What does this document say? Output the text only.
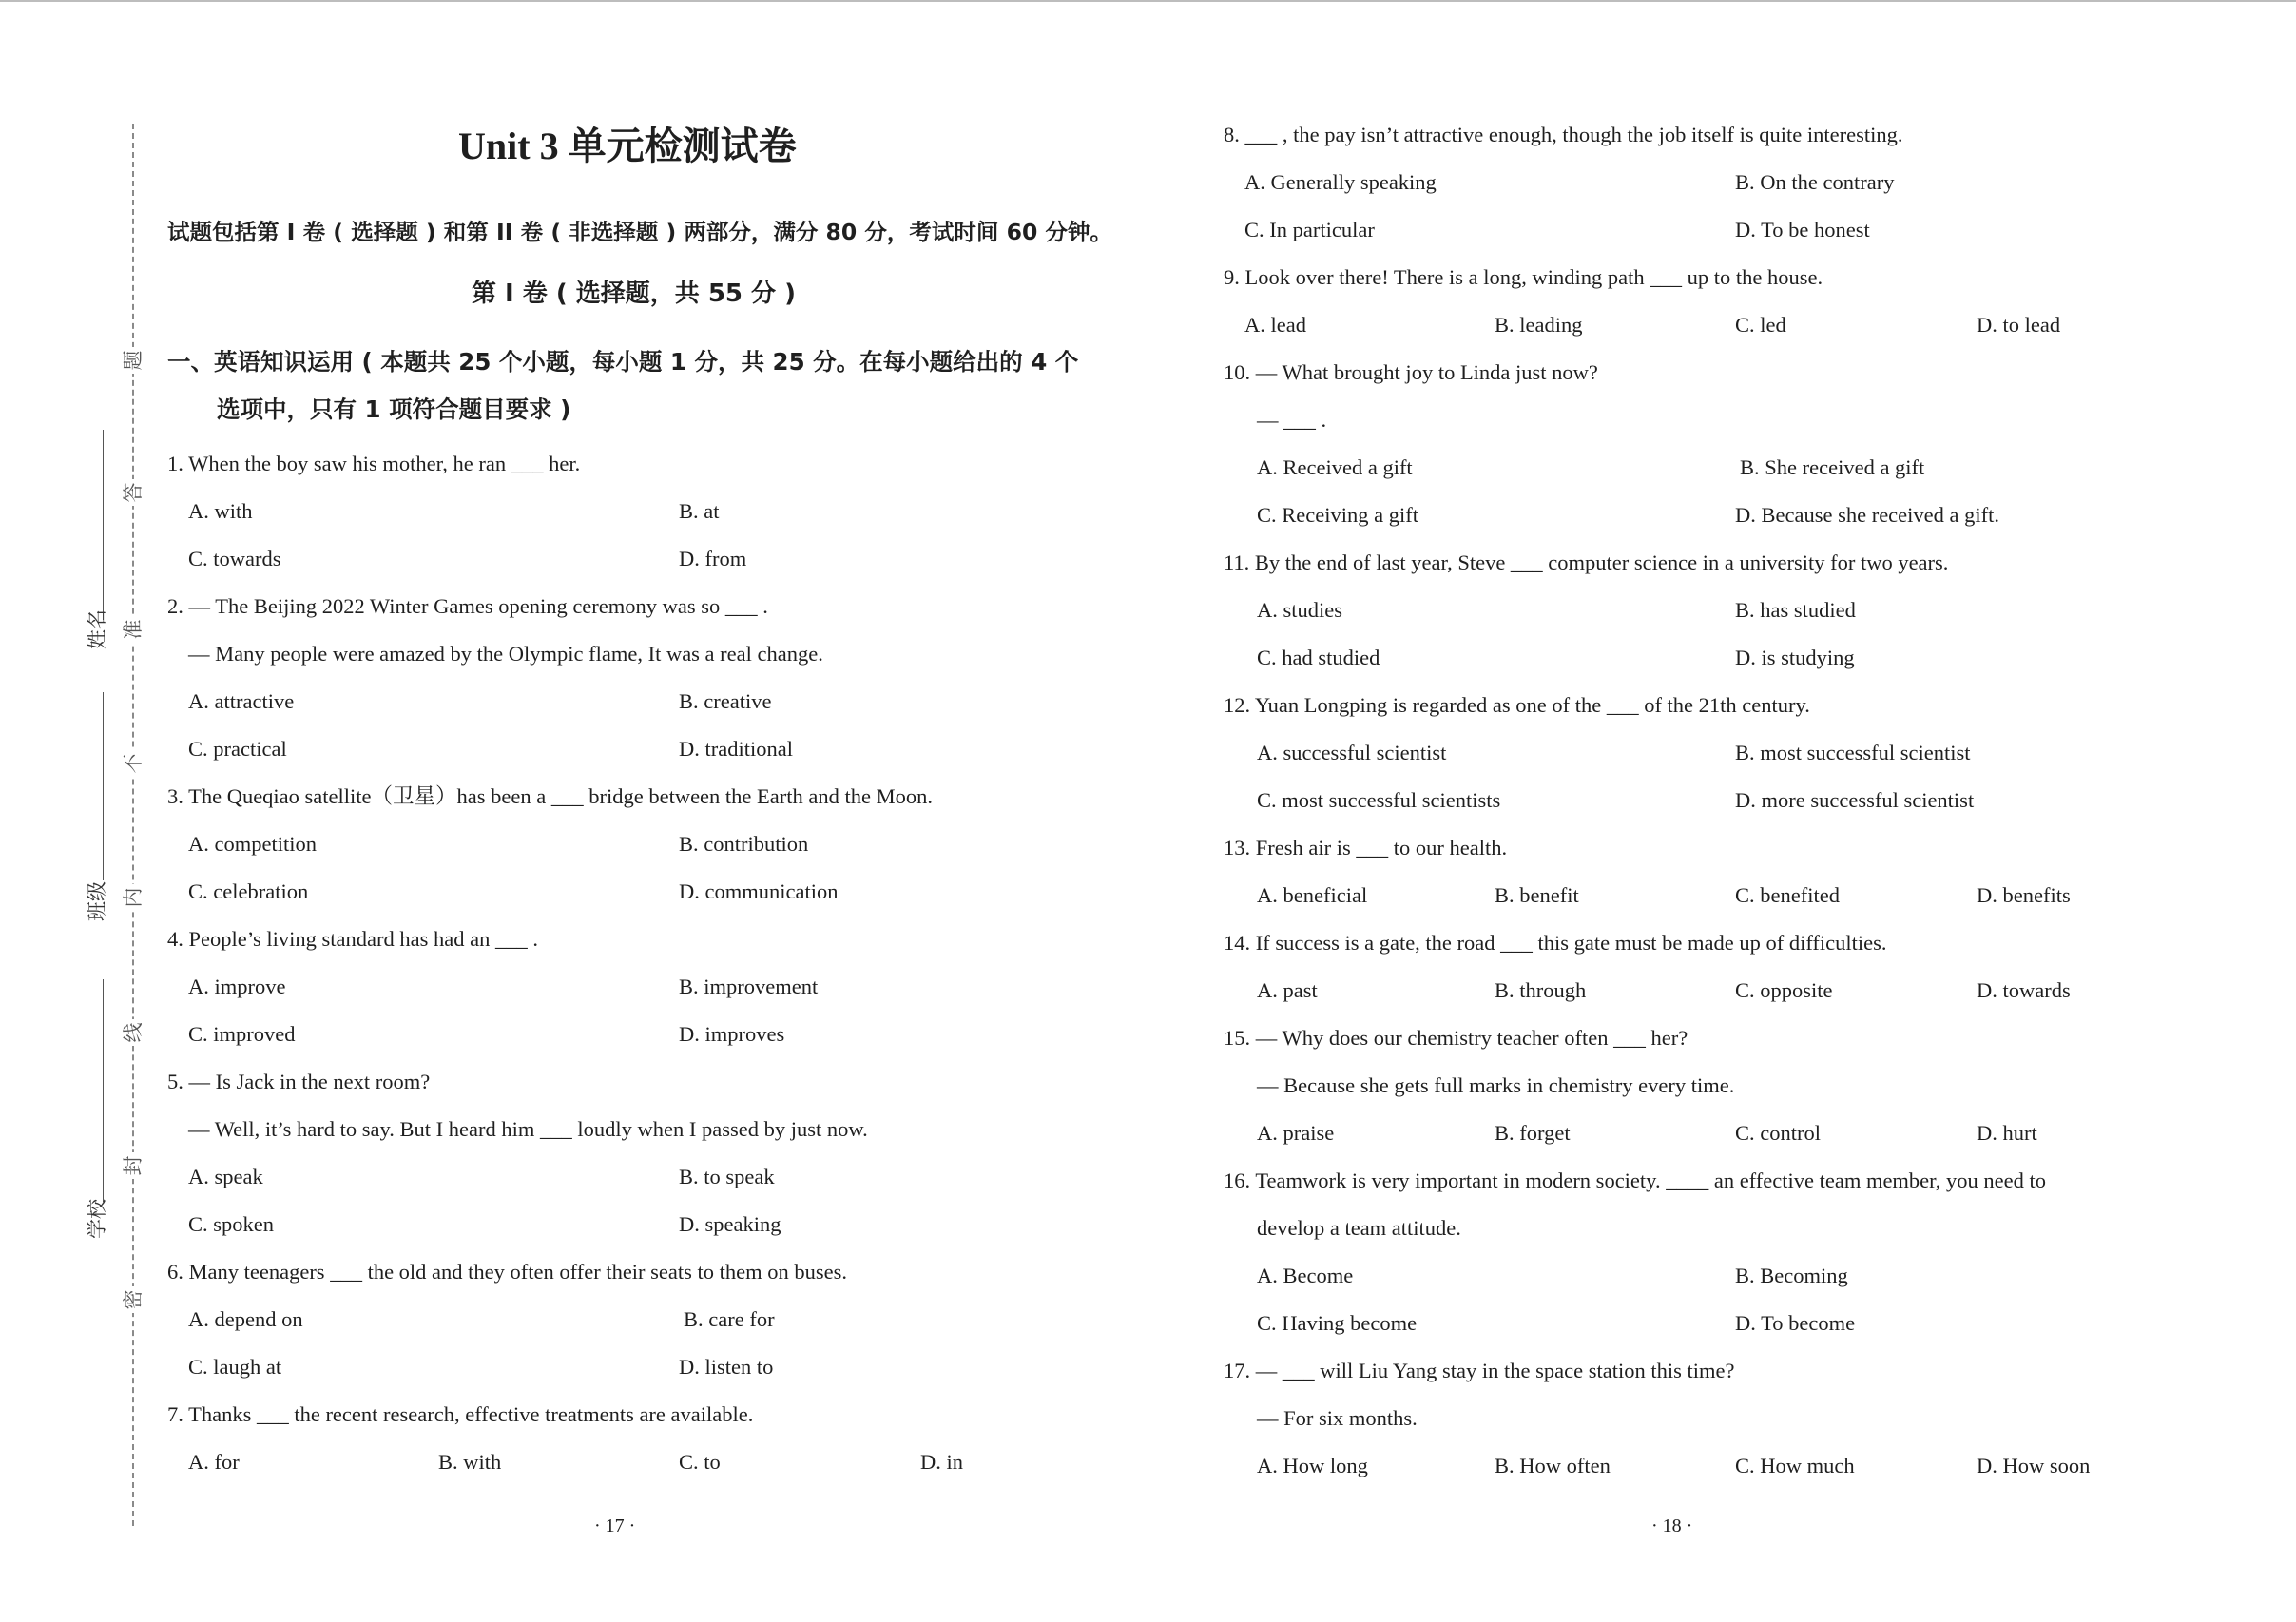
题
答
准
不
内
线
封
密
姓名
班级
学校
Unit 3 单元检测试卷
试题包括第 I 卷 ( 选择题 ) 和第 II 卷 ( 非选择题 ) 两部分，满分 80 分，考试时间 60 分钟。
第 I 卷 ( 选择题，共 55 分 )
一、英语知识运用 ( 本题共 25 个小题，每小题 1 分，共 25 分。在每小题给出的 4 个
选项中，只有 1 项符合题目要求 )
1. When the boy saw his mother, he ran ___ her.
A. with	B. at
C. towards	D. from
2. — The Beijing 2022 Winter Games opening ceremony was so ___ .
— Many people were amazed by the Olympic flame, It was a real change.
A. attractive	B. creative
C. practical	D. traditional
3. The Queqiao satellite（卫星）has been a ___ bridge between the Earth and the Moon.
A. competition	B. contribution
C. celebration	D. communication
4. People’s living standard has had an ___ .
A. improve	B. improvement
C. improved	D. improves
5. — Is Jack in the next room?
— Well, it’s hard to say. But I heard him ___ loudly when I passed by just now.
A. speak	B. to speak
C. spoken	D. speaking
6. Many teenagers ___ the old and they often offer their seats to them on buses.
A. depend on	B. care for
C. laugh at	D. listen to
7. Thanks ___ the recent research, effective treatments are available.
A. for	B. with	C. to	D. in
· 17 ·
8. ___ , the pay isn’t attractive enough, though the job itself is quite interesting.
A. Generally speaking	B. On the contrary
C. In particular	D. To be honest
9. Look over there! There is a long, winding path ___ up to the house.
A. lead	B. leading	C. led	D. to lead
10. — What brought joy to Linda just now?
— ___ .
A. Received a gift	B. She received a gift
C. Receiving a gift	D. Because she received a gift.
11. By the end of last year, Steve ___ computer science in a university for two years.
A. studies	B. has studied
C. had studied	D. is studying
12. Yuan Longping is regarded as one of the ___ of the 21th century.
A. successful scientist	B. most successful scientist
C. most successful scientists	D. more successful scientist
13. Fresh air is ___ to our health.
A. beneficial	B. benefit	C. benefited	D. benefits
14. If success is a gate, the road ___ this gate must be made up of difficulties.
A. past	B. through	C. opposite	D. towards
15. — Why does our chemistry teacher often ___ her?
— Because she gets full marks in chemistry every time.
A. praise	B. forget	C. control	D. hurt
16. Teamwork is very important in modern society. ____ an effective team member, you need to
develop a team attitude.
A. Become	B. Becoming
C. Having become	D. To become
17. — ___ will Liu Yang stay in the space station this time?
— For six months.
A. How long	B. How often	C. How much	D. How soon
· 18 ·
